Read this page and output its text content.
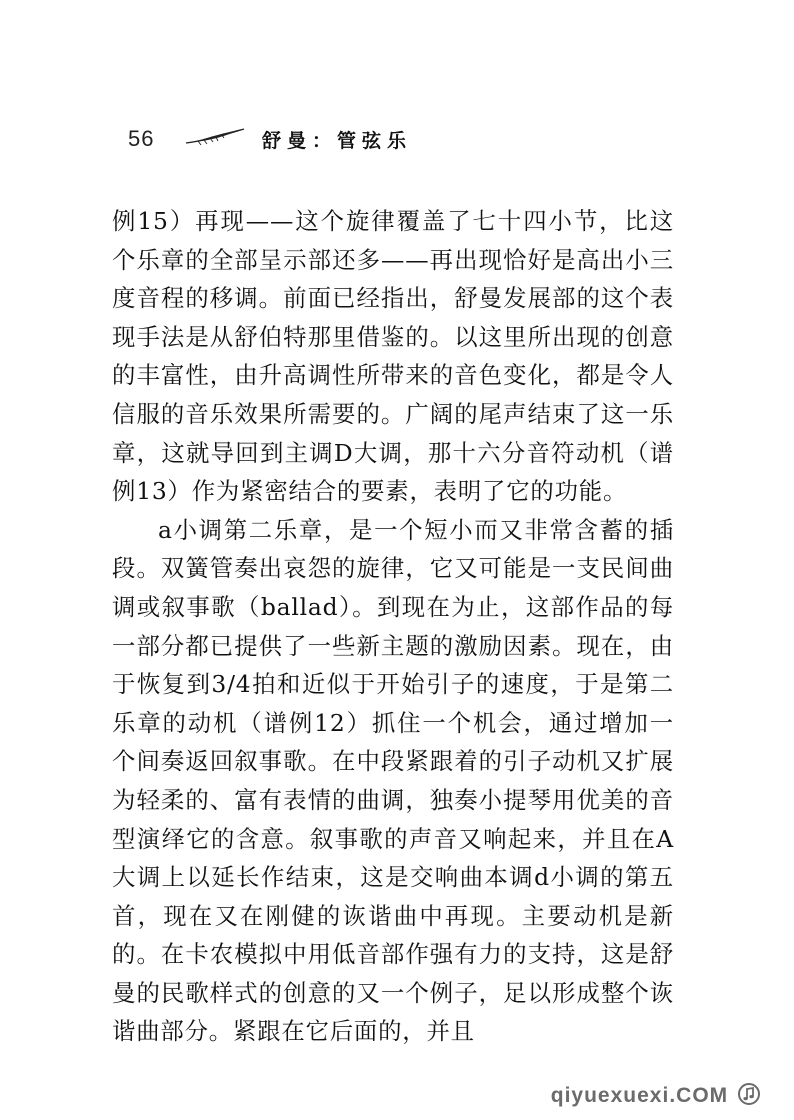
56	舒曼：管弦乐

例15）再现——这个旋律覆盖了七十四小节，比这个乐章的全部呈示部还多——再出现恰好是高出小三度音程的移调。前面已经指出，舒曼发展部的这个表现手法是从舒伯特那里借鉴的。以这里所出现的创意的丰富性，由升高调性所带来的音色变化，都是令人信服的音乐效果所需要的。广阔的尾声结束了这一乐章，这就导回到主调D大调，那十六分音符动机（谱例13）作为紧密结合的要素，表明了它的功能。

a小调第二乐章，是一个短小而又非常含蓄的插段。双簧管奏出哀怨的旋律，它又可能是一支民间曲调或叙事歌（ballad）。到现在为止，这部作品的每一部分都已提供了一些新主题的激励因素。现在，由于恢复到3/4拍和近似于开始引子的速度，于是第二乐章的动机（谱例12）抓住一个机会，通过增加一个间奏返回叙事歌。在中段紧跟着的引子动机又扩展为轻柔的、富有表情的曲调，独奏小提琴用优美的音型演绎它的含意。叙事歌的声音又响起来，并且在A大调上以延长作结束，这是交响曲本调d小调的第五首，现在又在刚健的诙谐曲中再现。主要动机是新的。在卡农模拟中用低音部作强有力的支持，这是舒曼的民歌样式的创意的又一个例子，足以形成整个诙谐曲部分。紧跟在它后面的，并且

qiyuexuexi.COM
